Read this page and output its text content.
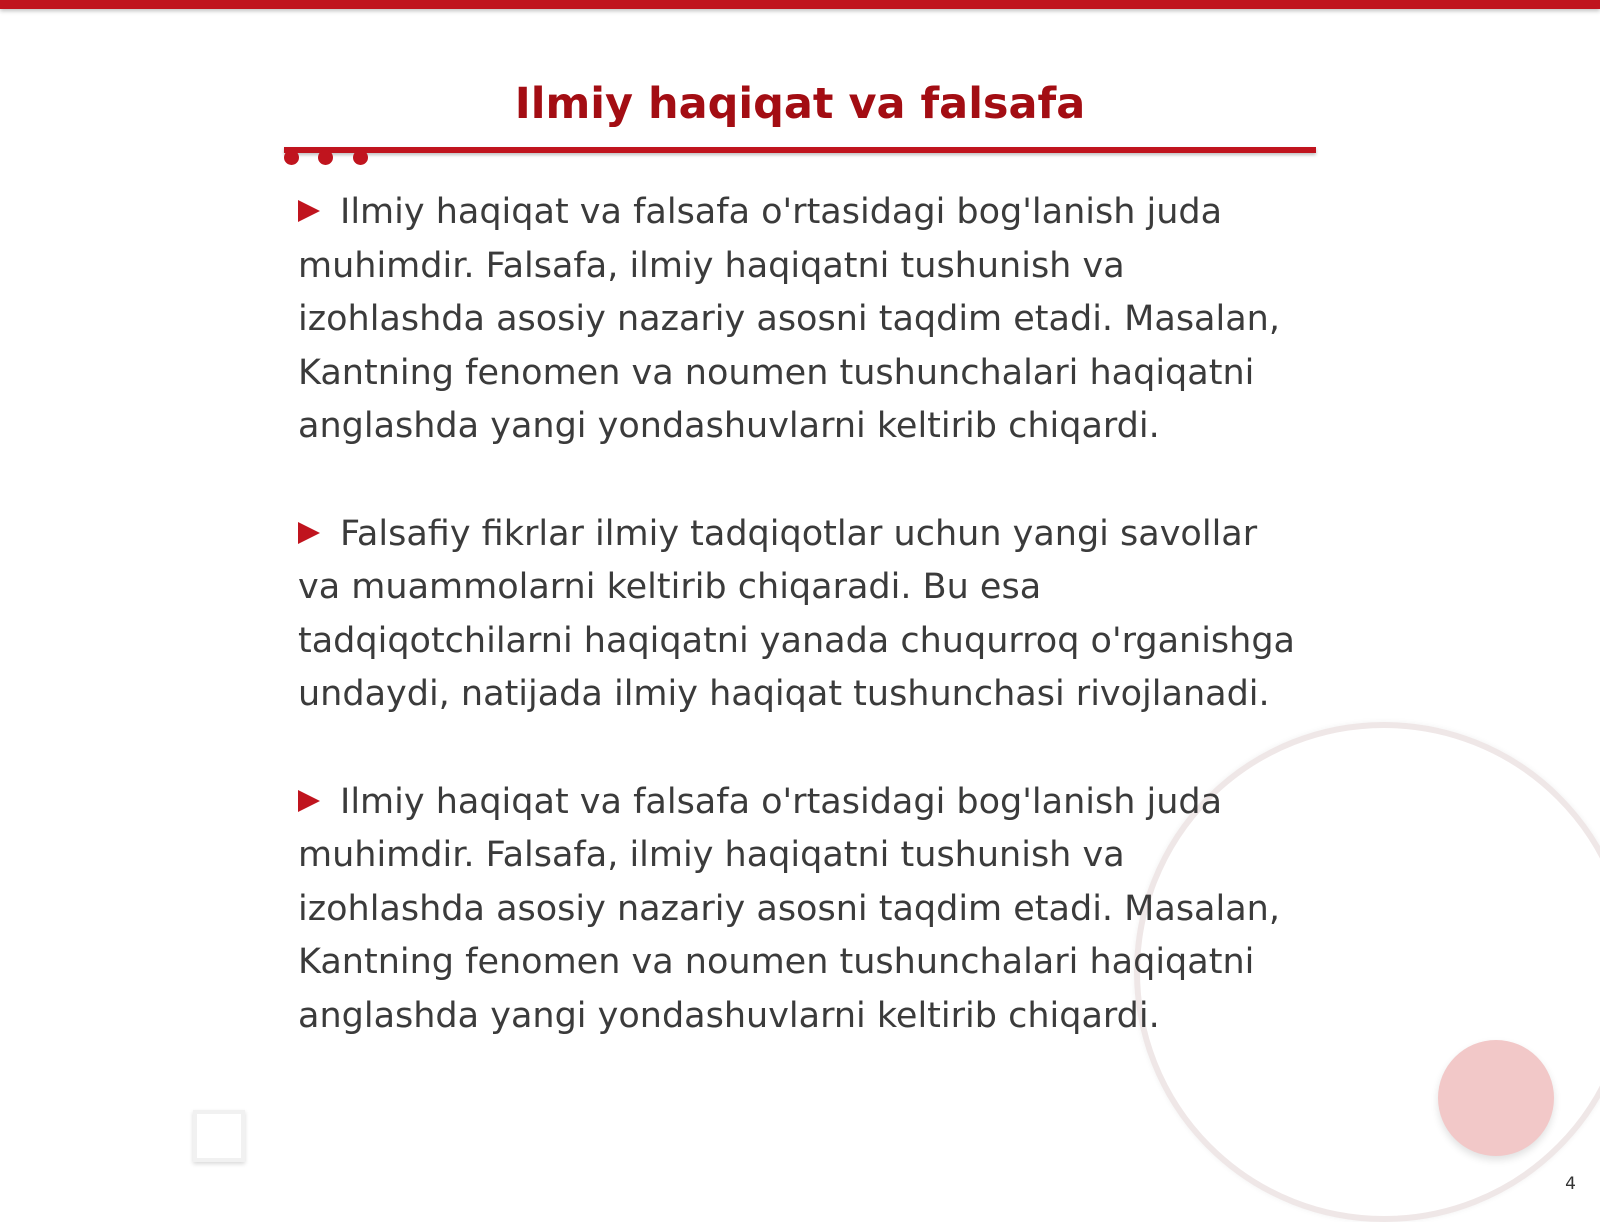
Ilmiy haqiqat va falsafa

Ilmiy haqiqat va falsafa o'rtasidagi bog'lanish juda muhimdir. Falsafa, ilmiy haqiqatni tushunish va izohlashda asosiy nazariy asosni taqdim etadi. Masalan, Kantning fenomen va noumen tushunchalari haqiqatni anglashda yangi yondashuvlarni keltirib chiqardi.

Falsafiy fikrlar ilmiy tadqiqotlar uchun yangi savollar va muammolarni keltirib chiqaradi. Bu esa tadqiqotchilarni haqiqatni yanada chuqurroq o'rganishga undaydi, natijada ilmiy haqiqat tushunchasi rivojlanadi.

Ilmiy haqiqat va falsafa o'rtasidagi bog'lanish juda muhimdir. Falsafa, ilmiy haqiqatni tushunish va izohlashda asosiy nazariy asosni taqdim etadi. Masalan, Kantning fenomen va noumen tushunchalari haqiqatni anglashda yangi yondashuvlarni keltirib chiqardi.

4
